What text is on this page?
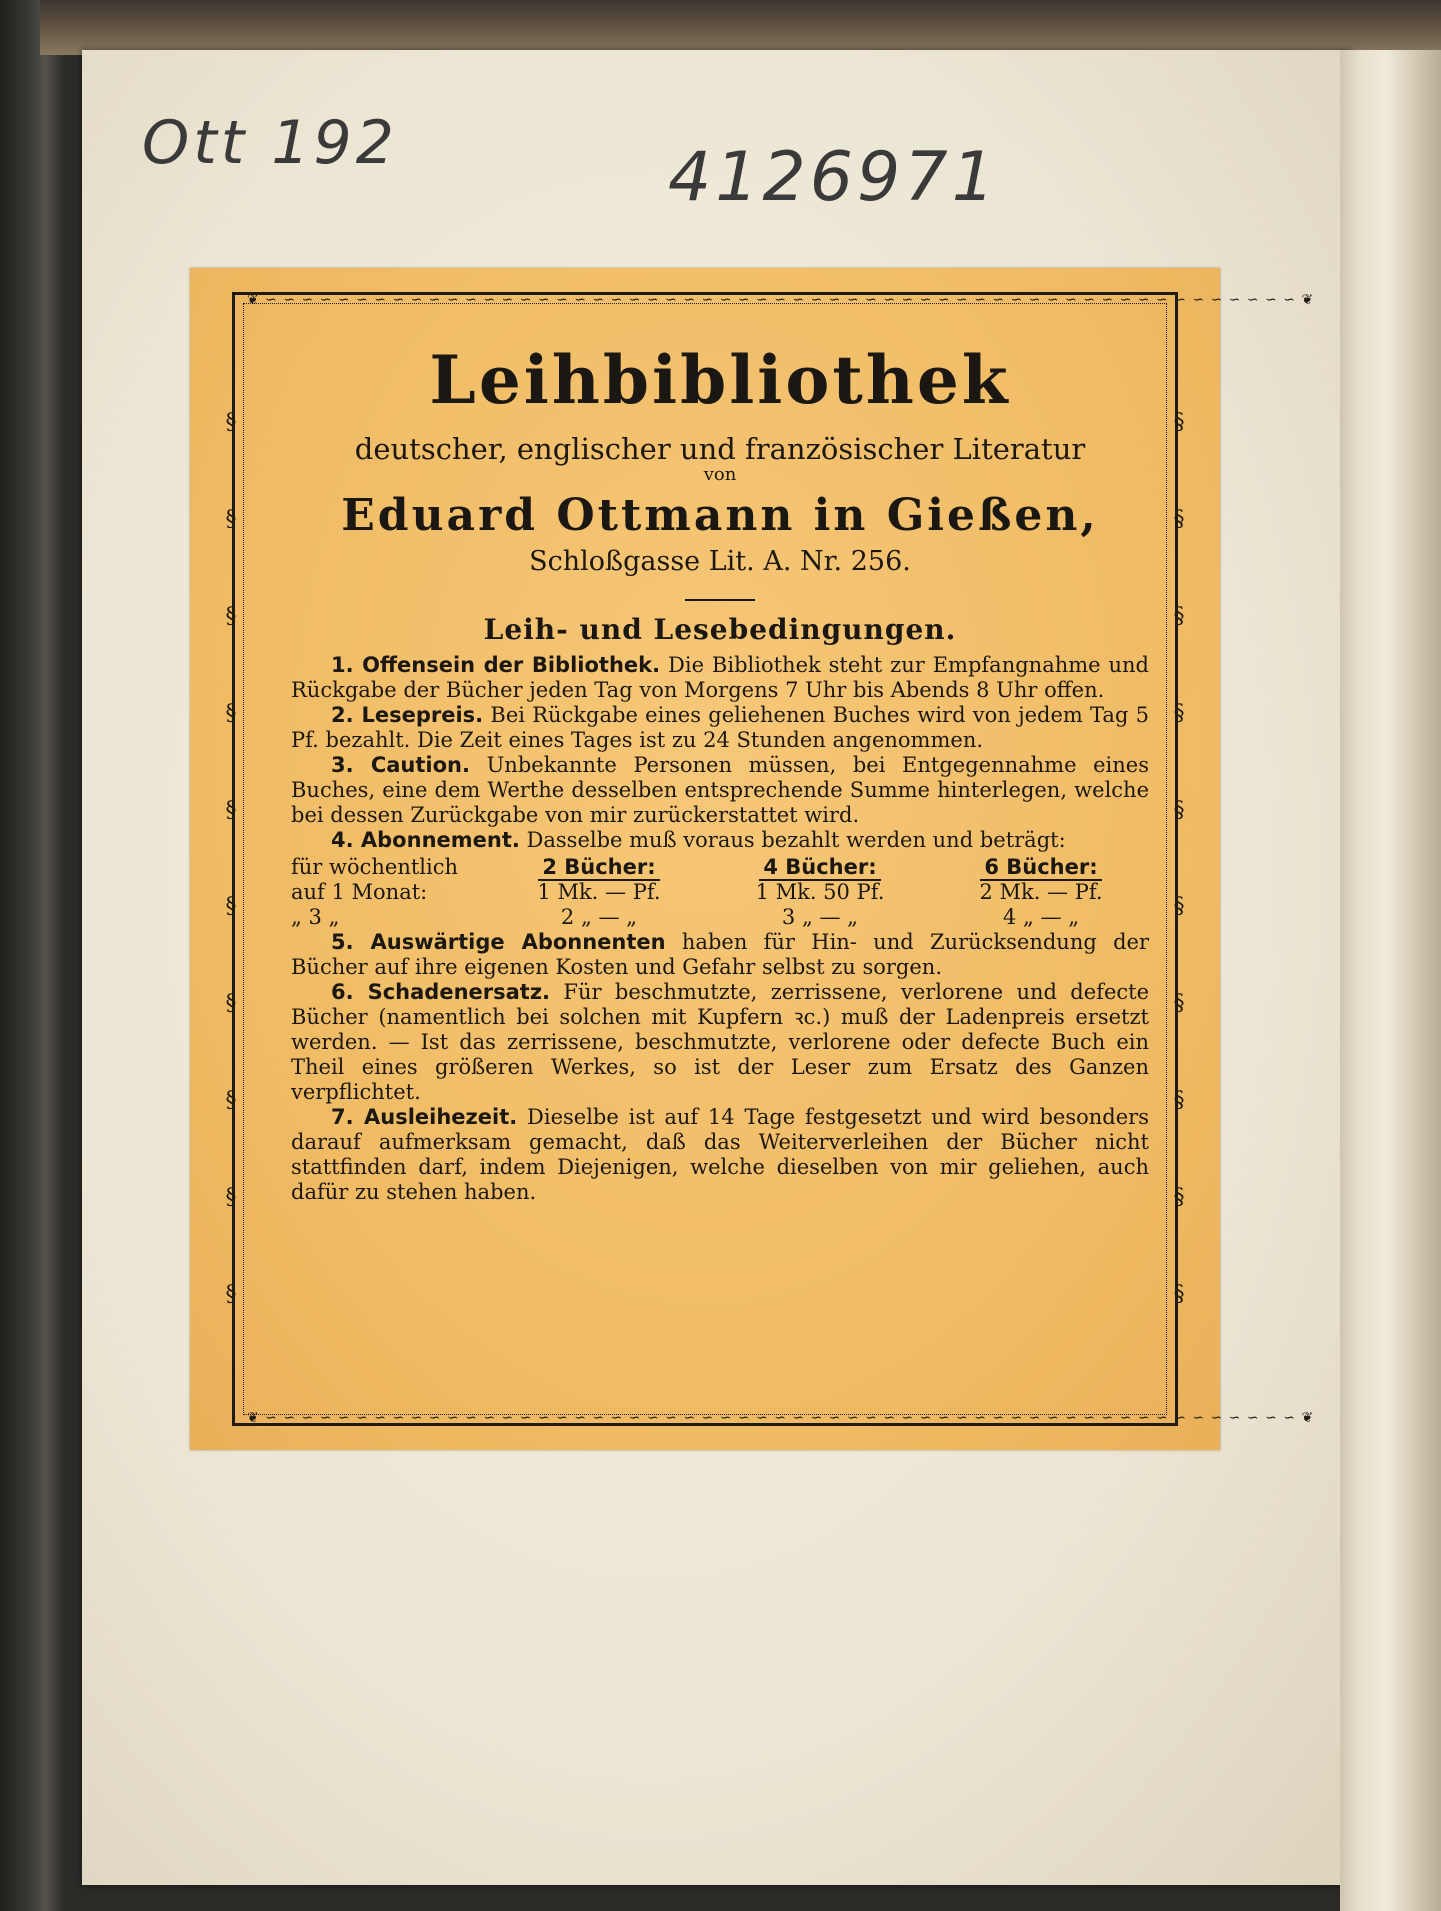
Ott 192	4126971
❦ ∽ ∽ ∽ ∽ ∽ ∽ ∽ ∽ ∽ ∽ ∽ ∽ ∽ ∽ ∽ ∽ ∽ ∽ ∽ ∽ ∽ ∽ ∽ ∽ ∽ ∽ ∽ ∽ ∽ ∽ ∽ ∽ ∽ ∽ ∽ ∽ ∽ ∽ ∽ ∽ ∽ ∽ ∽ ∽ ∽ ∽ ∽ ∽ ∽ ∽ ∽ ∽ ∽ ∽ ∽ ∽ ∽ ❦
❦ ∽ ∽ ∽ ∽ ∽ ∽ ∽ ∽ ∽ ∽ ∽ ∽ ∽ ∽ ∽ ∽ ∽ ∽ ∽ ∽ ∽ ∽ ∽ ∽ ∽ ∽ ∽ ∽ ∽ ∽ ∽ ∽ ∽ ∽ ∽ ∽ ∽ ∽ ∽ ∽ ∽ ∽ ∽ ∽ ∽ ∽ ∽ ∽ ∽ ∽ ∽ ∽ ∽ ∽ ∽ ∽ ∽ ❦
§
§
§
§
§
§
§
§
§
§
§
§
§
§
§
§
§
§
§
§
Leihbibliothek
deutscher, englischer und französischer Literatur
von
Eduard Ottmann in Gießen,
Schloßgasse Lit. A. Nr. 256.
Leih- und Lesebedingungen.

1. Offensein der Bibliothek. Die Bibliothek steht zur Empfangnahme und Rückgabe der Bücher jeden Tag von Morgens 7 Uhr bis Abends 8 Uhr offen.

2. Lesepreis. Bei Rückgabe eines geliehenen Buches wird von jedem Tag 5 Pf. bezahlt. Die Zeit eines Tages ist zu 24 Stunden angenommen.

3. Caution. Unbekannte Personen müssen, bei Entgegennahme eines Buches, eine dem Werthe desselben entsprechende Summe hinterlegen, welche bei dessen Zurückgabe von mir zurückerstattet wird.

4. Abonnement. Dasselbe muß voraus bezahlt werden und beträgt:

für wöchentlich	2 Bücher:	4 Bücher:	6 Bücher:
auf 1 Monat:	1 Mk. — Pf.	1 Mk. 50 Pf.	2 Mk. — Pf.
„ 3 „	2 „ — „	3 „ — „	4 „ — „

5. Auswärtige Abonnenten haben für Hin- und Zurücksendung der Bücher auf ihre eigenen Kosten und Gefahr selbst zu sorgen.

6. Schadenersatz. Für beschmutzte, zerrissene, verlorene und defecte Bücher (namentlich bei solchen mit Kupfern ꝛc.) muß der Ladenpreis ersetzt werden. — Ist das zerrissene, beschmutzte, verlorene oder defecte Buch ein Theil eines größeren Werkes, so ist der Leser zum Ersatz des Ganzen verpflichtet.

7. Ausleihezeit. Dieselbe ist auf 14 Tage festgesetzt und wird besonders darauf aufmerksam gemacht, daß das Weiterverleihen der Bücher nicht stattfinden darf, indem Diejenigen, welche dieselben von mir geliehen, auch dafür zu stehen haben.
